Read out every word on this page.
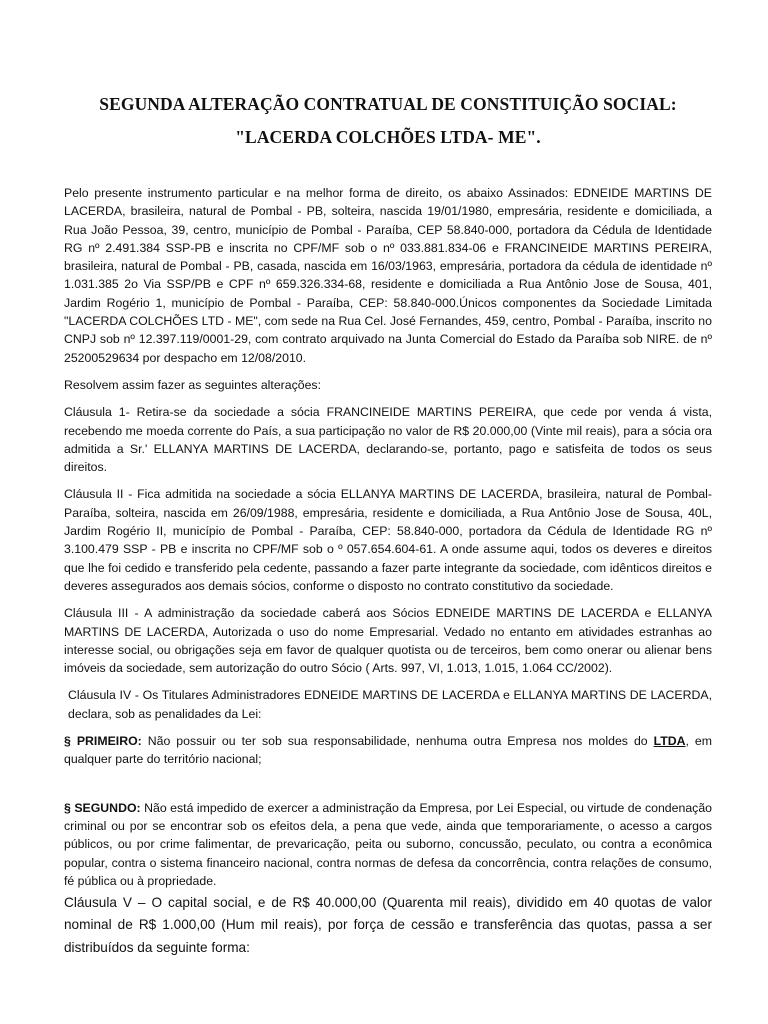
SEGUNDA ALTERAÇÃO CONTRATUAL DE CONSTITUIÇÃO SOCIAL:
"LACERDA COLCHÕES LTDA- ME".

Pelo presente instrumento particular e na melhor forma de direito, os abaixo Assinados: EDNEIDE MARTINS DE LACERDA, brasileira, natural de Pombal - PB, solteira, nascida 19/01/1980, empresária, residente e domiciliada, a Rua João Pessoa, 39, centro, município de Pombal - Paraíba, CEP 58.840-000, portadora da Cédula de Identidade RG nº 2.491.384 SSP-PB e inscrita no CPF/MF sob o nº 033.881.834-06 e FRANCINEIDE MARTINS PEREIRA, brasileira, natural de Pombal - PB, casada, nascida em 16/03/1963, empresária, portadora da cédula de identidade nº 1.031.385 2o Via SSP/PB e CPF nº 659.326.334-68, residente e domiciliada a Rua Antônio Jose de Sousa, 401, Jardim Rogério 1, município de Pombal - Paraíba, CEP: 58.840-000.Únicos componentes da Sociedade Limitada "LACERDA COLCHÕES LTD - ME", com sede na Rua Cel. José Fernandes, 459, centro, Pombal - Paraíba, inscrito no CNPJ sob nº 12.397.119/0001-29, com contrato arquivado na Junta Comercial do Estado da Paraíba sob NIRE. de nº 25200529634 por despacho em 12/08/2010.

Resolvem assim fazer as seguintes alterações:

Cláusula 1- Retira-se da sociedade a sócia FRANCINEIDE MARTINS PEREIRA, que cede por venda á vista, recebendo me moeda corrente do País, a sua participação no valor de R$ 20.000,00 (Vinte mil reais), para a sócia ora admitida a Sr.' ELLANYA MARTINS DE LACERDA, declarando-se, portanto, pago e satisfeita de todos os seus direitos.

Cláusula II - Fica admitida na sociedade a sócia ELLANYA MARTINS DE LACERDA, brasileira, natural de Pombal-Paraíba, solteira, nascida em 26/09/1988, empresária, residente e domiciliada, a Rua Antônio Jose de Sousa, 40L, Jardim Rogério II, município de Pombal - Paraíba, CEP: 58.840-000, portadora da Cédula de Identidade RG nº 3.100.479 SSP - PB e inscrita no CPF/MF sob o º 057.654.604-61. A onde assume aqui, todos os deveres e direitos que lhe foi cedido e transferido pela cedente, passando a fazer parte integrante da sociedade, com idênticos direitos e deveres assegurados aos demais sócios, conforme o disposto no contrato constitutivo da sociedade.

Cláusula III - A administração da sociedade caberá aos Sócios EDNEIDE MARTINS DE LACERDA e ELLANYA MARTINS DE LACERDA, Autorizada o uso do nome Empresarial. Vedado no entanto em atividades estranhas ao interesse social, ou obrigações seja em favor de qualquer quotista ou de terceiros, bem como onerar ou alienar bens imóveis da sociedade, sem autorização do outro Sócio ( Arts. 997, VI, 1.013, 1.015, 1.064 CC/2002).

Cláusula IV - Os Titulares Administradores EDNEIDE MARTINS DE LACERDA e ELLANYA MARTINS DE LACERDA, declara, sob as penalidades da Lei:

§ PRIMEIRO: Não possuir ou ter sob sua responsabilidade, nenhuma outra Empresa nos moldes do LTDA, em qualquer parte do território nacional;

§ SEGUNDO: Não está impedido de exercer a administração da Empresa, por Lei Especial, ou virtude de condenação criminal ou por se encontrar sob os efeitos dela, a pena que vede, ainda que temporariamente, o acesso a cargos públicos, ou por crime falimentar, de prevaricação, peita ou suborno, concussão, peculato, ou contra a econômica popular, contra o sistema financeiro nacional, contra normas de defesa da concorrência, contra relações de consumo, fé pública ou à propriedade.

Cláusula V – O capital social, e de R$ 40.000,00 (Quarenta mil reais), dividido em 40 quotas de valor nominal de R$ 1.000,00 (Hum mil reais), por força de cessão e transferência das quotas, passa a ser distribuídos da seguinte forma:
